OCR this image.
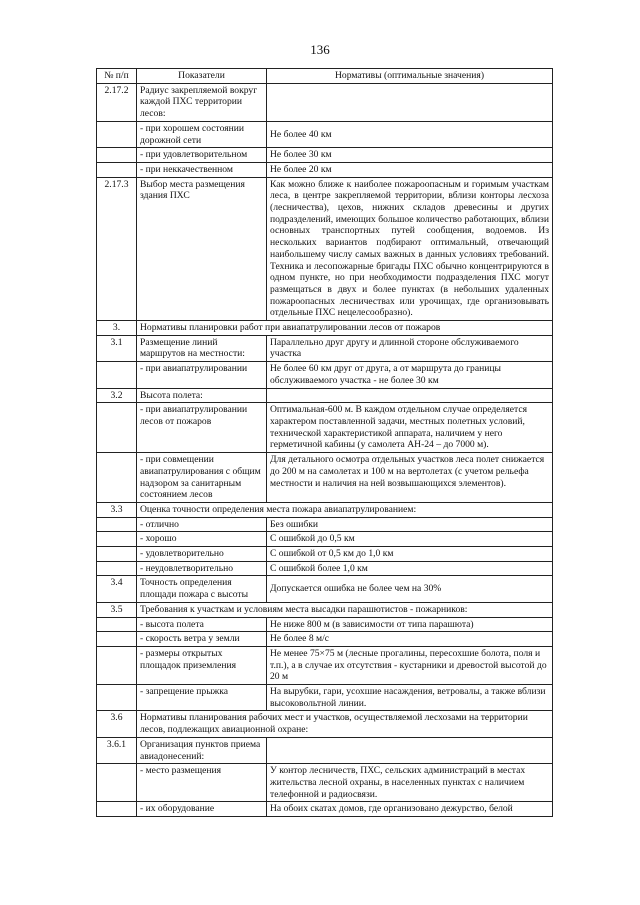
136
№ п/п	Показатели	Нормативы (оптимальные значения)
2.17.2	Радиус закрепляемой вокруг каждой ПХС территории лесов:	
	- при хорошем состоянии дорожной сети	Не более 40 км
	- при удовлетворительном	Не более 30 км
	- при неккачественном	Не более 20 км
2.17.3	Выбор места размещения здания ПХС	Как можно ближе к наиболее пожароопасным и горимым участкам леса, в центре закрепляемой территории, вблизи конторы лесхоза (лесничества), цехов, нижних складов древесины и других подразделений, имеющих большое количество работающих, вблизи основных транспортных путей сообщения, водоемов. Из нескольких вариантов подбирают оптимальный, отвечающий наибольшему числу самых важных в данных условиях требований. Техника и лесопожарные бригады ПХС обычно концентрируются в одном пункте, но при необходимости подразделения ПХС могут размещаться в двух и более пунктах (в небольших удаленных пожароопасных лесничествах или урочищах, где организовывать отдельные ПХС нецелесообразно).
3.	Нормативы планировки работ при авиапатрулировании лесов от пожаров	
3.1	Размещение линий маршрутов на местности:	Параллельно друг другу и длинной стороне обслуживаемого участка
	- при авиапатрулировании	Не более 60 км друг от друга, а от маршрута до границы обслуживаемого участка - не более 30 км
3.2	Высота полета:	
	- при авиапатрулировании лесов от пожаров	Оптимальная-600 м. В каждом отдельном случае определяется характером поставленной задачи, местных полетных условий, технической характеристикой аппарата, наличием у него герметичной кабины (у самолета АН-24 – до 7000 м).
	- при совмещении авиапатрулирования с общим надзором за санитарным состоянием лесов	Для детального осмотра отдельных участков леса полет снижается до 200 м на самолетах и 100 м на вертолетах (с учетом рельефа местности и наличия на ней возвышающихся элементов).
3.3	Оценка точности определения места пожара авиапатрулированием:	
	- отлично	Без ошибки
	- хорошо	С ошибкой до 0,5 км
	- удовлетворительно	С ошибкой от 0,5 км до 1,0 км
	- неудовлетворительно	С ошибкой более 1,0 км
3.4	Точность определения площади пожара с высоты	Допускается ошибка не более чем на 30%
3.5	Требования к участкам и условиям места высадки парашютистов - пожарников:	
	- высота полета	Не ниже 800 м (в зависимости от типа парашюта)
	- скорость ветра у земли	Не более 8 м/с
	- размеры открытых площадок приземления	Не менее 75×75 м (лесные прогалины, пересохшие болота, поля и т.п.), а в случае их отсутствия - кустарники и древостой высотой до 20 м
	- запрещение прыжка	На вырубки, гари, усохшие насаждения, ветровалы, а также вблизи высоковольтной линии.
3.6	Нормативы планирования рабочих мест и участков, осуществляемой лесхозами на территории лесов, подлежащих авиационной охране:	
3.6.1	Организация пунктов приема авиадонесений:	
	- место размещения	У контор лесничеств, ПХС, сельских администраций в местах жительства лесной охраны, в населенных пунктах с наличием телефонной и радиосвязи.
	- их оборудование	На обоих скатах домов, где организовано дежурство, белой
